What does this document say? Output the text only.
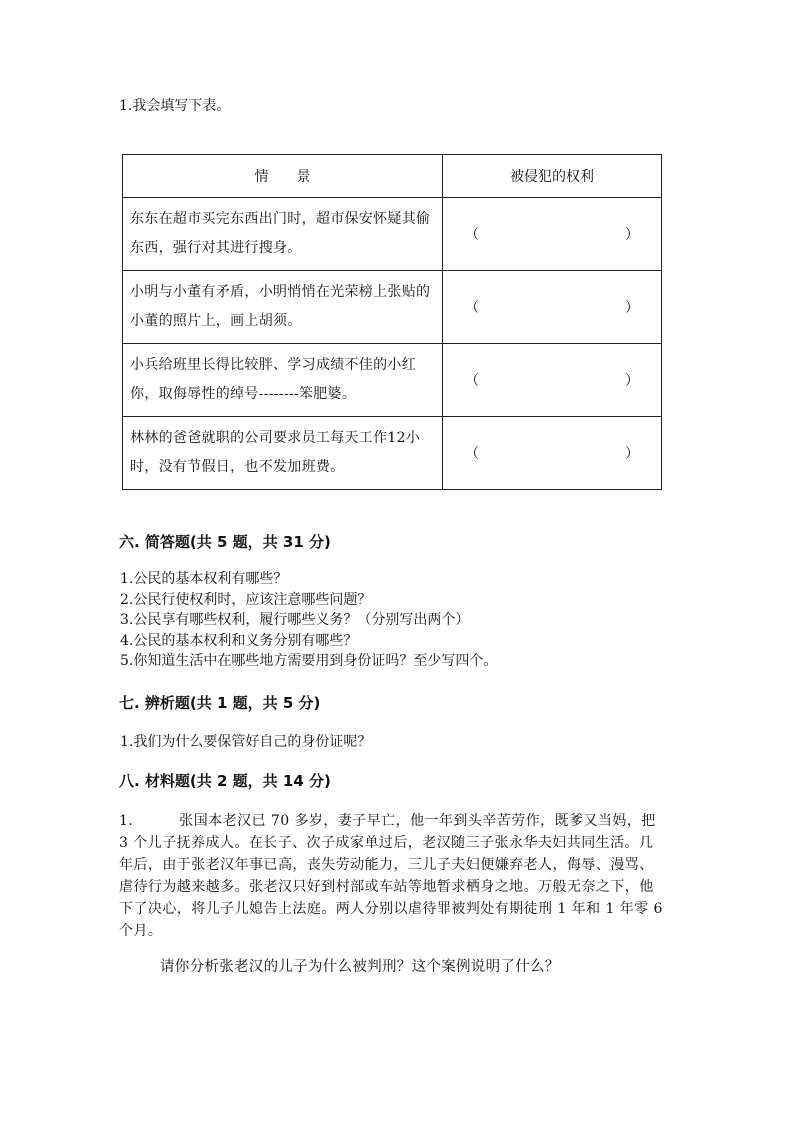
1.我会填写下表。
情　　景	被侵犯的权利
东东在超市买完东西出门时，超市保安怀疑其偷东西，强行对其进行搜身。	（ ）

小明与小董有矛盾，小明悄悄在光荣榜上张贴的小董的照片上，画上胡须。	（ ）

小兵给班里长得比较胖、学习成绩不佳的小红你，取侮辱性的绰号--------笨肥婆。	（ ）

林林的爸爸就职的公司要求员工每天工作12小时，没有节假日，也不发加班费。	（ ）
六. 简答题(共 5 题，共 31 分)
1.公民的基本权利有哪些？
2.公民行使权利时，应该注意哪些问题？
3.公民享有哪些权利，履行哪些义务？（分别写出两个）
4.公民的基本权利和义务分别有哪些？
5.你知道生活中在哪些地方需要用到身份证吗？至少写四个。
七. 辨析题(共 1 题，共 5 分)
1.我们为什么要保管好自己的身份证呢？
八. 材料题(共 2 题，共 14 分)
1.	张国本老汉已 70 多岁，妻子早亡，他一年到头辛苦劳作，既爹又当妈，把 3 个儿子抚养成人。在长子、次子成家单过后，老汉随三子张永华夫妇共同生活。几年后，由于张老汉年事已高，丧失劳动能力，三儿子夫妇便嫌弃老人，侮辱、漫骂、虐待行为越来越多。张老汉只好到村部或车站等地暂求栖身之地。万般无奈之下，他下了决心，将儿子儿媳告上法庭。两人分别以虐待罪被判处有期徒刑 1 年和 1 年零 6 个月。
请你分析张老汉的儿子为什么被判刑？这个案例说明了什么？
